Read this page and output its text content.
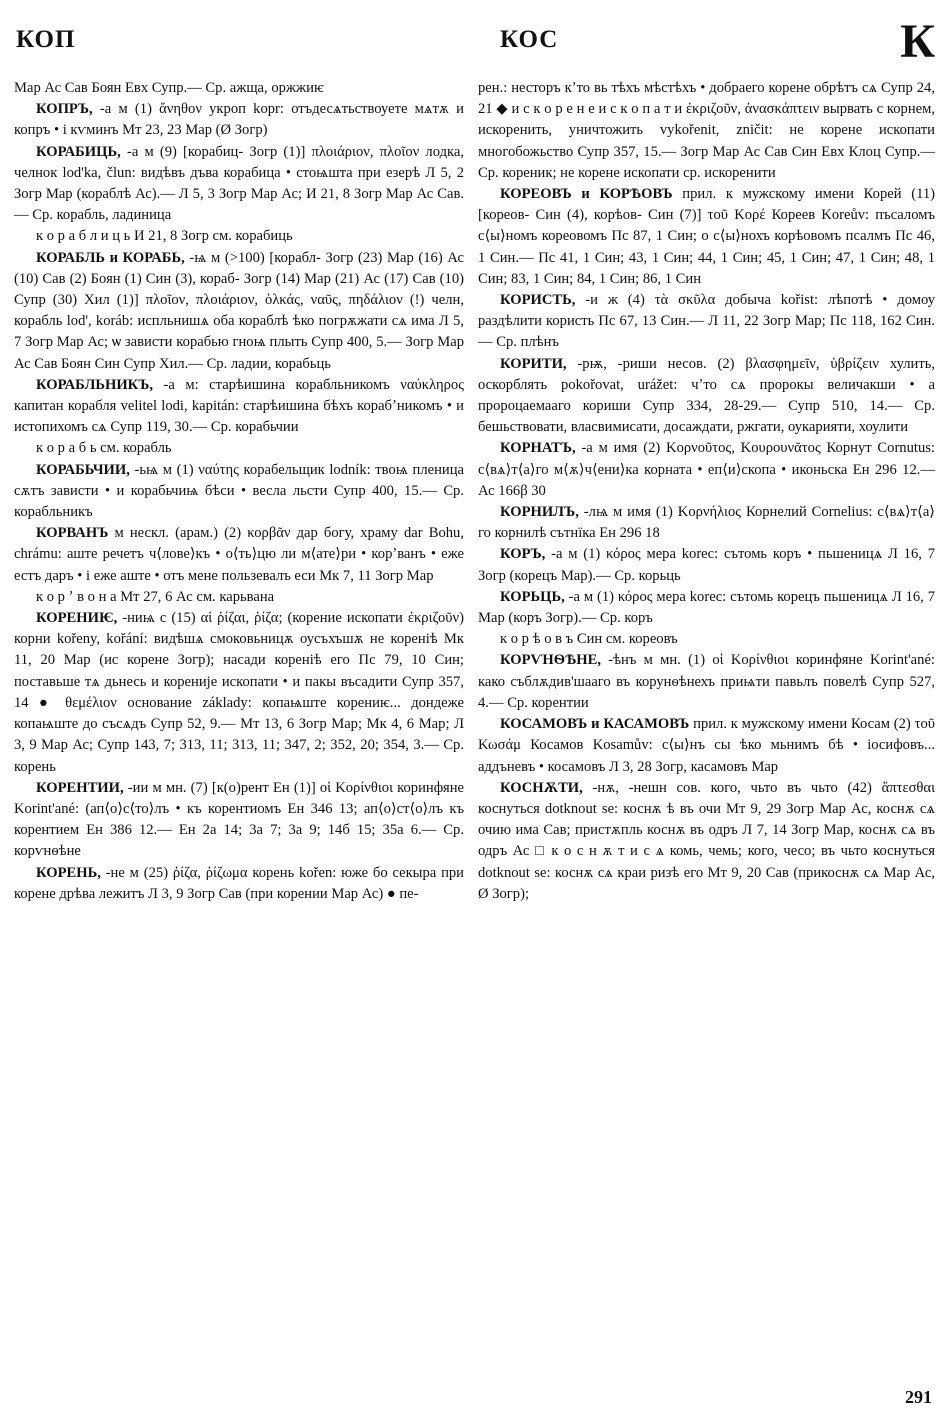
КОП	КОС	К

Мар Ас Сав Боян Евх Супр.— Ср. ажща, оржжиѥ

КОПРЪ, -а м (1) ἄνηθον укроп kopr: отъдесѧтьствоуете мѧтѫ и копръ • і кѵминъ Мт 23, 23 Мар (Ø Зогр)

КОРАБИЦЬ, -а м (9) [корабиц- Зогр (1)] πλοιάριον, πλοῖον лодка, челнок lod'ka, člun: видѣвъ дъва корабица • стоѩшта при езерѣ Л 5, 2 Зогр Мар (кораблѣ Ас).— Л 5, 3 Зогр Мар Ас; И 21, 8 Зогр Мар Ас Сав.— Ср. корабль, ладиница

к о р а б л и ц ь И 21, 8 Зогр см. корабиць

КОРАБЛЬ и КОРАБЬ, -ѩ м (>100) [корабл- Зогр (23) Мар (16) Ас (10) Сав (2) Боян (1) Син (3), кораб- Зогр (14) Мар (21) Ас (17) Сав (10) Супр (30) Хил (1)] πλοῖον, πλοιάριον, ὁλκάς, ναῦς, πηδάλιον (!) челн, корабль lod', koráb: испльнишѧ оба кораблѣ ѣко погрѫжати сѧ има Л 5, 7 Зогр Мар Ас; ѡ зависти корабью гноѩ плыть Супр 400, 5.— Зогр Мар Ас Сав Боян Син Супр Хил.— Ср. ладии, корабьць

КОРАБЛЬНИКЪ, -а м: старѣишина корабльникомъ ναύκληρος капитан корабля velitel lodi, kapitán: старѣишина бѣхъ корабʼникомъ • и истопихомъ сѧ Супр 119, 30.— Ср. корабьчии

к о р а б ь см. корабль

КОРАБЬЧИИ, -ьѩ м (1) ναύτης корабельщик lodník: твоѩ пленица сѫтъ зависти • и корабьчиѩ бѣси • весла льсти Супр 400, 15.— Ср. корабльникъ

КОРВАНЪ м нескл. (арам.) (2) κορβᾶν дар богу, храму dar Bohu, chrámu: аште речетъ ч⟨лове⟩къ • о⟨ть⟩цю ли м⟨ате⟩ри • корʼванъ • еже естъ даръ • і еже аште • отъ мене пользевалъ еси Мк 7, 11 Зогр Мар

к о р ʼ в о н а Мт 27, 6 Ас см. карьвана

КОРЕНИѤ, -ниѩ с (15) αἱ ῥίζαι, ῥίζα; (корение ископати ἐκριζοῦν) корни kořeny, kořání: видѣшѧ смоковьницѫ оусъхъшѫ не кореніѣ Мк 11, 20 Мар (ис корене Зогр); насади кореніѣ его Пс 79, 10 Син; поставьше тѧ дьнесь и кореније ископати • и пакы въсадити Супр 357, 14 ● θεμέλιον основание základy: копаѩште корениѥ... дондеже копаѩште до съсѧдъ Супр 52, 9.— Мт 13, 6 Зогр Мар; Мк 4, 6 Мар; Л 3, 9 Мар Ас; Супр 143, 7; 313, 11; 313, 11; 347, 2; 352, 20; 354, 3.— Ср. корень

КОРЕНТИИ, -ии м мн. (7) [к(о)рент Ен (1)] οἱ Κορίνθιοι коринфяне Korint'ané: (ап⟨о⟩с⟨то⟩лъ • къ корентиомъ Ен 346 13; ап⟨о⟩ст⟨о⟩лъ къ корентием Ен 386 12.— Ен 2а 14; 3а 7; 3а 9; 14б 15; 35а 6.— Ср. корѵнѳѣне

КОРЕНЬ, -не м (25) ῥίζα, ῥίζωμα корень kořen: юже бо секыра при корене дрѣва лежитъ Л 3, 9 Зогр Сав (при корении Мар Ас) ● пе-

рен.: несторъ кʼто вь тѣхъ мѣстѣхъ • добраего корене обрѣтъ сѧ Супр 24, 21 ◆ и с к о р е н е и с к о п а т и ἐκριζοῦν, ἀνασκάπτειν вырвать с корнем, искоренить, уничтожить vykořenit, zničit: не корене ископати многобожьство Супр 357, 15.— Зогр Мар Ас Сав Син Евх Клоц Супр.— Ср. кореник; не корене ископати ср. искоренити

КОРЕОВЪ и КОРѢОВЪ прил. к мужскому имени Корей (11) [кореов- Син (4), корѣов- Син (7)] τοῦ Κορέ Кореев Koreův: пъсаломъ с⟨ы⟩номъ кореовомъ Пс 87, 1 Син; о с⟨ы⟩нохъ корѣовомъ псалмъ Пс 46, 1 Син.— Пс 41, 1 Син; 43, 1 Син; 44, 1 Син; 45, 1 Син; 47, 1 Син; 48, 1 Син; 83, 1 Син; 84, 1 Син; 86, 1 Син

КОРИСТЬ, -и ж (4) τὰ σκῦλα добыча kořist: лѣпотѣ • домоу раздѣлити користь Пс 67, 13 Син.— Л 11, 22 Зогр Мар; Пс 118, 162 Син.— Ср. плѣнъ

КОРИТИ, -рѭ, -риши несов. (2) βλασφημεῖν, ὑβρίζειν хулить, оскорблять pokořovat, urážet: чʼто сѧ пророкы величакши • а пророцаемааго кориши Супр 334, 28-29.— Супр 510, 14.— Ср. бешьствовати, власвимисати, досаждати, ржгати, оукарияти, хоулити

КОРНАТЪ, -а м имя (2) Κορνοῦτος, Κουρουνᾶτος Корнут Cornutus: с⟨вѧ⟩т⟨а⟩го м⟨ѫ⟩ч⟨ени⟩ка корната • еп⟨и⟩скопа • иконьска Ен 296 12.— Ас 166β 30

КОРНИЛЪ, -лѩ м имя (1) Κορνήλιος Корнелий Cornelius: с⟨вѧ⟩т⟨а⟩го корнилѣ сътнїка Ен 296 18

КОРЪ, -а м (1) κόρος мера korec: сътомь коръ • пьшеницѧ Л 16, 7 Зогр (корецъ Мар).— Ср. корьць

КОРЬЦЬ, -а м (1) κόρος мера korec: сътомь корецъ пьшеницѧ Л 16, 7 Мар (коръ Зогр).— Ср. коръ

к о р ѣ о в ъ Син см. кореовъ

КОРѴНѲѢНЕ, -ѣнъ м мн. (1) οἱ Κορίνθιοι коринфяне Korint'ané: како съблѫдив'шааго въ корунѳѣнехъ приѩти павьлъ повелѣ Супр 527, 4.— Ср. корентии

КОСАМОВЪ и КАСАМОВЪ прил. к мужскому имени Косам (2) τοῦ Κωσάμ Косамов Kosamův: с⟨ы⟩нъ сы ѣко мьнимъ бѣ • іосифовъ... аддъневъ • косамовъ Л 3, 28 Зогр, касамовъ Мар

КОСНѪТИ, -нѫ, -нешн сов. кого, чьто въ чьто (42) ἅπτεσθαι коснуться dotknout se: коснѫ ѣ въ очи Мт 9, 29 Зогр Мар Ас, коснѫ сѧ очию има Сав; пристѫпль коснѫ въ одръ Л 7, 14 Зогр Мар, коснѫ сѧ въ одръ Ас □ к о с н ѫ т и с ѧ комь, чемь; кого, чесо; въ чьто коснуться dotknout se: коснѫ сѧ краи ризѣ его Мт 9, 20 Сав (прикоснѫ сѧ Мар Ас, Ø Зогр);

291
